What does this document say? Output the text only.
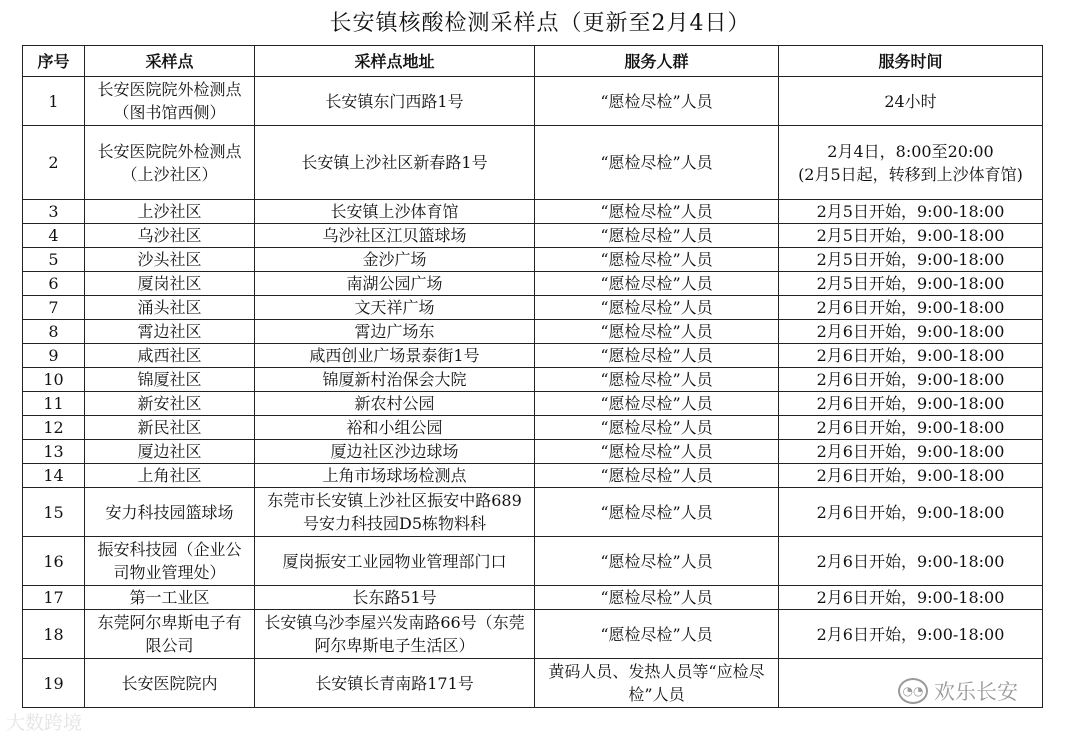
长安镇核酸检测采样点（更新至2月4日）
序号	采样点	采样点地址	服务人群	服务时间
1	长安医院院外检测点（图书馆西侧）	长安镇东门西路1号	“愿检尽检”人员	24小时
2	长安医院院外检测点（上沙社区）	长安镇上沙社区新春路1号	“愿检尽检”人员	2月4日，8:00至20:00
(2月5日起，转移到上沙体育馆)
3	上沙社区	长安镇上沙体育馆	“愿检尽检”人员	2月5日开始，9:00-18:00
4	乌沙社区	乌沙社区江贝篮球场	“愿检尽检”人员	2月5日开始，9:00-18:00
5	沙头社区	金沙广场	“愿检尽检”人员	2月5日开始，9:00-18:00
6	厦岗社区	南湖公园广场	“愿检尽检”人员	2月5日开始，9:00-18:00
7	涌头社区	文天祥广场	“愿检尽检”人员	2月6日开始，9:00-18:00
8	霄边社区	霄边广场东	“愿检尽检”人员	2月6日开始，9:00-18:00
9	咸西社区	咸西创业广场景泰街1号	“愿检尽检”人员	2月6日开始，9:00-18:00
10	锦厦社区	锦厦新村治保会大院	“愿检尽检”人员	2月6日开始，9:00-18:00
11	新安社区	新农村公园	“愿检尽检”人员	2月6日开始，9:00-18:00
12	新民社区	裕和小组公园	“愿检尽检”人员	2月6日开始，9:00-18:00
13	厦边社区	厦边社区沙边球场	“愿检尽检”人员	2月6日开始，9:00-18:00
14	上角社区	上角市场球场检测点	“愿检尽检”人员	2月6日开始，9:00-18:00
15	安力科技园篮球场	东莞市长安镇上沙社区振安中路689号安力科技园D5栋物料科	“愿检尽检”人员	2月6日开始，9:00-18:00
16	振安科技园（企业公司物业管理处）	厦岗振安工业园物业管理部门口	“愿检尽检”人员	2月6日开始，9:00-18:00
17	第一工业区	长东路51号	“愿检尽检”人员	2月6日开始，9:00-18:00
18	东莞阿尔卑斯电子有限公司	长安镇乌沙李屋兴发南路66号（东莞阿尔卑斯电子生活区）	“愿检尽检”人员	2月6日开始，9:00-18:00
19	长安医院院内	长安镇长青南路171号	黄码人员、发热人员等“应检尽检”人员	
大数跨境
◔◔ 欢乐长安
